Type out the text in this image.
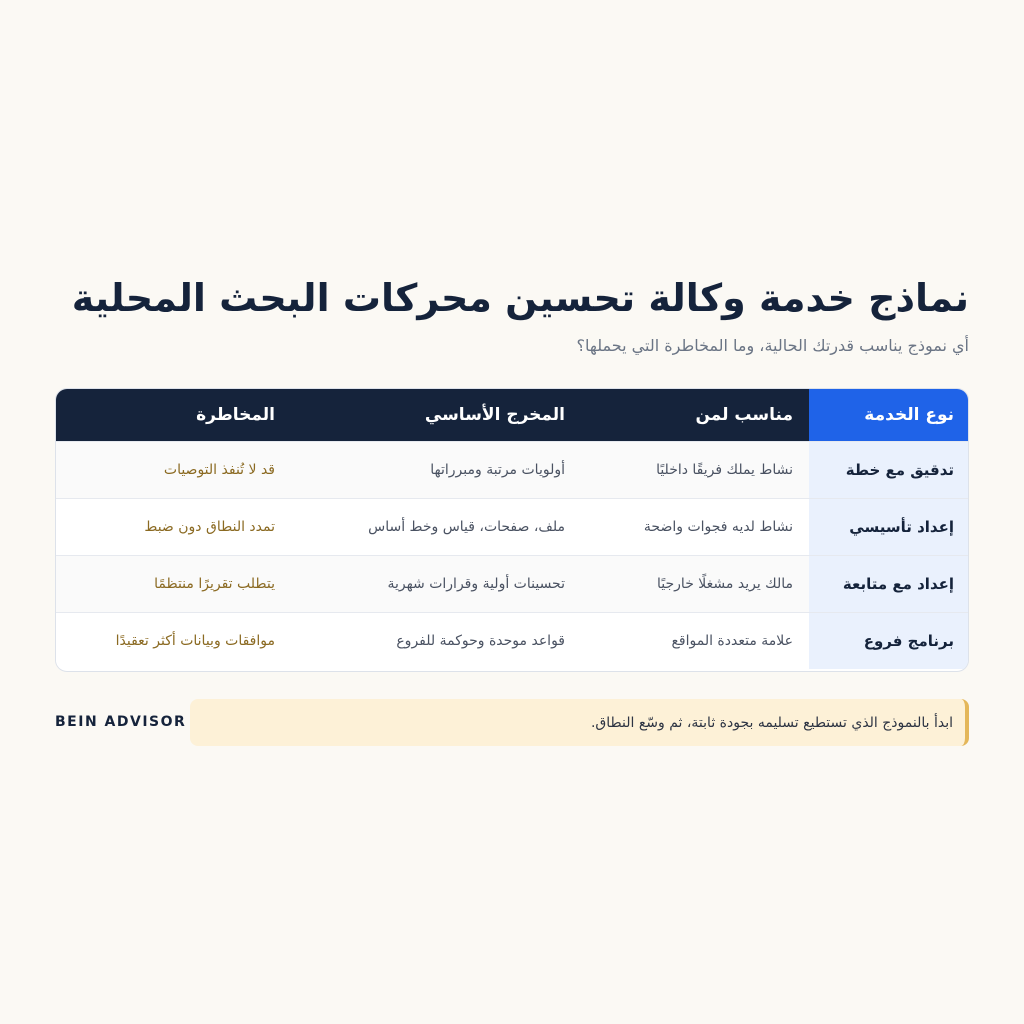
نماذج خدمة وكالة تحسين محركات البحث المحلية

أي نموذج يناسب قدرتك الحالية، وما المخاطرة التي يحملها؟

نوع الخدمة	مناسب لمن	المخرج الأساسي	المخاطرة
تدقيق مع خطة	نشاط يملك فريقًا داخليًا	أولويات مرتبة ومبرراتها	قد لا تُنفذ التوصيات
إعداد تأسيسي	نشاط لديه فجوات واضحة	ملف، صفحات، قياس وخط أساس	تمدد النطاق دون ضبط
إعداد مع متابعة	مالك يريد مشغلًا خارجيًا	تحسينات أولية وقرارات شهرية	يتطلب تقريرًا منتظمًا
برنامج فروع	علامة متعددة المواقع	قواعد موحدة وحوكمة للفروع	موافقات وبيانات أكثر تعقيدًا
ابدأ بالنموذج الذي تستطيع تسليمه بجودة ثابتة، ثم وسّع النطاق.
BEIN ADVISOR
